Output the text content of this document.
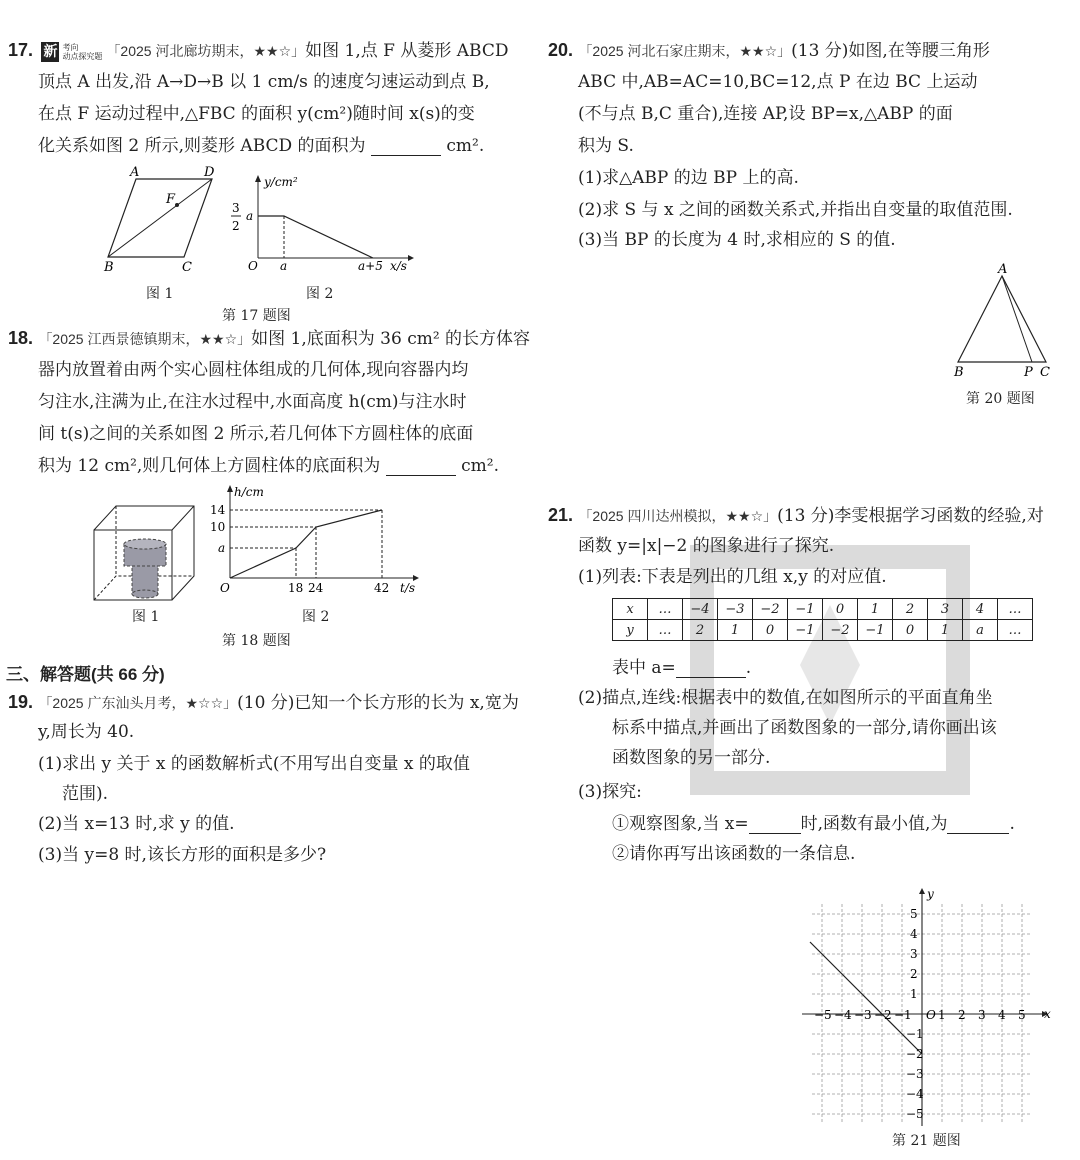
17. 新 考向
动点探究题 「2025 河北廊坊期末，★★☆」如图 1,点 F 从菱形 ABCD
顶点 A 出发,沿 A→D→B 以 1 cm/s 的速度匀速运动到点 B,
在点 F 运动过程中,△FBC 的面积 y(cm²)随时间 x(s)的变
化关系如图 2 所示,则菱形 ABCD 的面积为	cm².
A	D
F
B	C
图 1
y/cm²
3
2
a
O a	a+5 x/s
图 2
第 17 题图
18. 「2025 江西景德镇期末，★★☆」如图 1,底面积为 36 cm² 的长方体容
器内放置着由两个实心圆柱体组成的几何体,现向容器内均
匀注水,注满为止,在注水过程中,水面高度 h(cm)与注水时
间 t(s)之间的关系如图 2 所示,若几何体下方圆柱体的底面
积为 12 cm²,则几何体上方圆柱体的底面积为	cm².
图 1
h/cm
14
10
a
O	18 24	42 t/s
图 2
第 18 题图
三、解答题(共 66 分)
19. 「2025 广东汕头月考，★☆☆」(10 分)已知一个长方形的长为 x,宽为
y,周长为 40.
(1)求出 y 关于 x 的函数解析式(不用写出自变量 x 的取值
范围).
(2)当 x=13 时,求 y 的值.
(3)当 y=8 时,该长方形的面积是多少?
20. 「2025 河北石家庄期末，★★☆」(13 分)如图,在等腰三角形
ABC 中,AB=AC=10,BC=12,点 P 在边 BC 上运动
(不与点 B,C 重合),连接 AP,设 BP=x,△ABP 的面
积为 S.
(1)求△ABP 的边 BP 上的高.
(2)求 S 与 x 之间的函数关系式,并指出自变量的取值范围.
(3)当 BP 的长度为 4 时,求相应的 S 的值.
A
B	P C
第 20 题图
21. 「2025 四川达州模拟，★★☆」(13 分)李雯根据学习函数的经验,对
函数 y=|x|−2 的图象进行了探究.
(1)列表:下表是列出的几组 x,y 的对应值.
x	…	−4	−3	−2	−1	0	1	2	3	4	…
y	…	2	1	0	−1	−2	−1	0	1	a	…
表中 a=	.
(2)描点,连线:根据表中的数值,在如图所示的平面直角坐
标系中描点,并画出了函数图象的一部分,请你画出该
函数图象的另一部分.
(3)探究:
①观察图象,当 x=	时,函数有最小值,为	.
②请你再写出该函数的一条信息.
−5 −4 −3 −2 −1 1 2 3 4 5
5
4
3
2
1
−1
−2
−3
−4
−5
O	x
y
第 21 题图
